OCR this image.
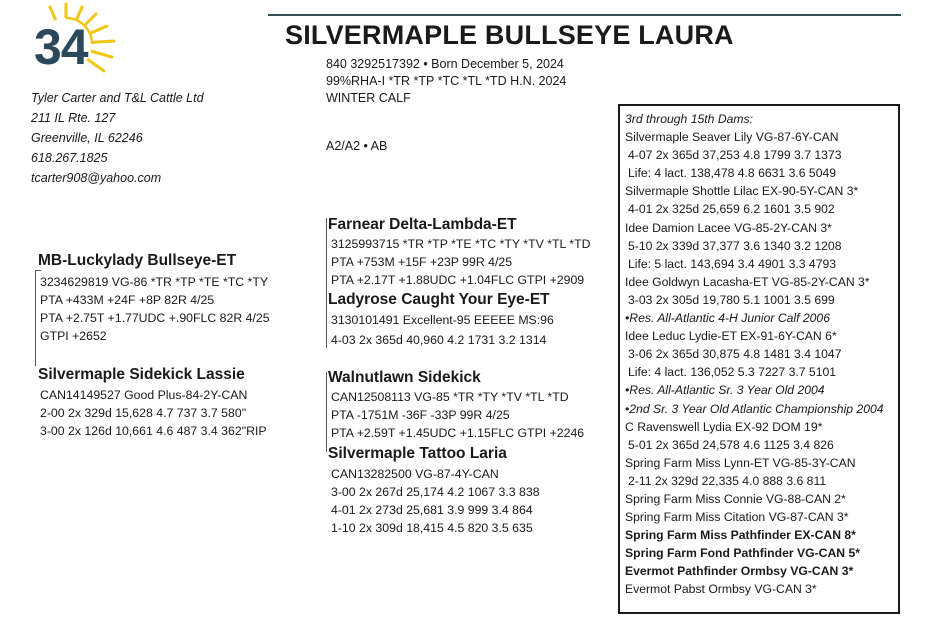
34	SILVERMAPLE BULLSEYE LAURA
840 3292517392 • Born December 5, 2024
99%RHA-I *TR *TP *TC *TL *TD H.N. 2024
WINTER CALF
A2/A2 • AB
Tyler Carter and T&L Cattle Ltd
211 IL Rte. 127
Greenville, IL 62246
618.267.1825
tcarter908@yahoo.com
MB-Luckylady Bullseye-ET
3234629819 VG-86 *TR *TP *TE *TC *TY
PTA +433M +24F +8P 82R 4/25
PTA +2.75T +1.77UDC +.90FLC 82R 4/25
GTPI +2652
Farnear Delta-Lambda-ET
3125993715 *TR *TP *TE *TC *TY *TV *TL *TD
PTA +753M +15F +23P 99R 4/25
PTA +2.17T +1.88UDC +1.04FLC GTPI +2909
Ladyrose Caught Your Eye-ET
3130101491 Excellent-95 EEEEE MS:96
4-03 2x 365d 40,960 4.2 1731 3.2 1314
Silvermaple Sidekick Lassie
CAN14149527 Good Plus-84-2Y-CAN
2-00 2x 329d 15,628 4.7 737 3.7 580"
3-00 2x 126d 10,661 4.6 487 3.4 362"RIP
Walnutlawn Sidekick
CAN12508113 VG-85 *TR *TY *TV *TL *TD
PTA -1751M -36F -33P 99R 4/25
PTA +2.59T +1.45UDC +1.15FLC GTPI +2246
Silvermaple Tattoo Laria
CAN13282500 VG-87-4Y-CAN
3-00 2x 267d 25,174 4.2 1067 3.3 838
4-01 2x 273d 25,681 3.9 999 3.4 864
1-10 2x 309d 18,415 4.5 820 3.5 635
3rd through 15th Dams:
Silvermaple Seaver Lily VG-87-6Y-CAN
4-07 2x 365d 37,253 4.8 1799 3.7 1373
Life: 4 lact. 138,478 4.8 6631 3.6 5049
Silvermaple Shottle Lilac EX-90-5Y-CAN 3*
4-01 2x 325d 25,659 6.2 1601 3.5 902
Idee Damion Lacee VG-85-2Y-CAN 3*
5-10 2x 339d 37,377 3.6 1340 3.2 1208
Life: 5 lact. 143,694 3.4 4901 3.3 4793
Idee Goldwyn Lacasha-ET VG-85-2Y-CAN 3*
3-03 2x 305d 19,780 5.1 1001 3.5 699
•Res. All-Atlantic 4-H Junior Calf 2006
Idee Leduc Lydie-ET EX-91-6Y-CAN 6*
3-06 2x 365d 30,875 4.8 1481 3.4 1047
Life: 4 lact. 136,052 5.3 7227 3.7 5101
•Res. All-Atlantic Sr. 3 Year Old 2004
•2nd Sr. 3 Year Old Atlantic Championship 2004
C Ravenswell Lydia EX-92 DOM 19*
5-01 2x 365d 24,578 4.6 1125 3.4 826
Spring Farm Miss Lynn-ET VG-85-3Y-CAN
2-11 2x 329d 22,335 4.0 888 3.6 811
Spring Farm Miss Connie VG-88-CAN 2*
Spring Farm Miss Citation VG-87-CAN 3*
Spring Farm Miss Pathfinder EX-CAN 8*
Spring Farm Fond Pathfinder VG-CAN 5*
Evermot Pathfinder Ormbsy VG-CAN 3*
Evermot Pabst Ormbsy VG-CAN 3*
